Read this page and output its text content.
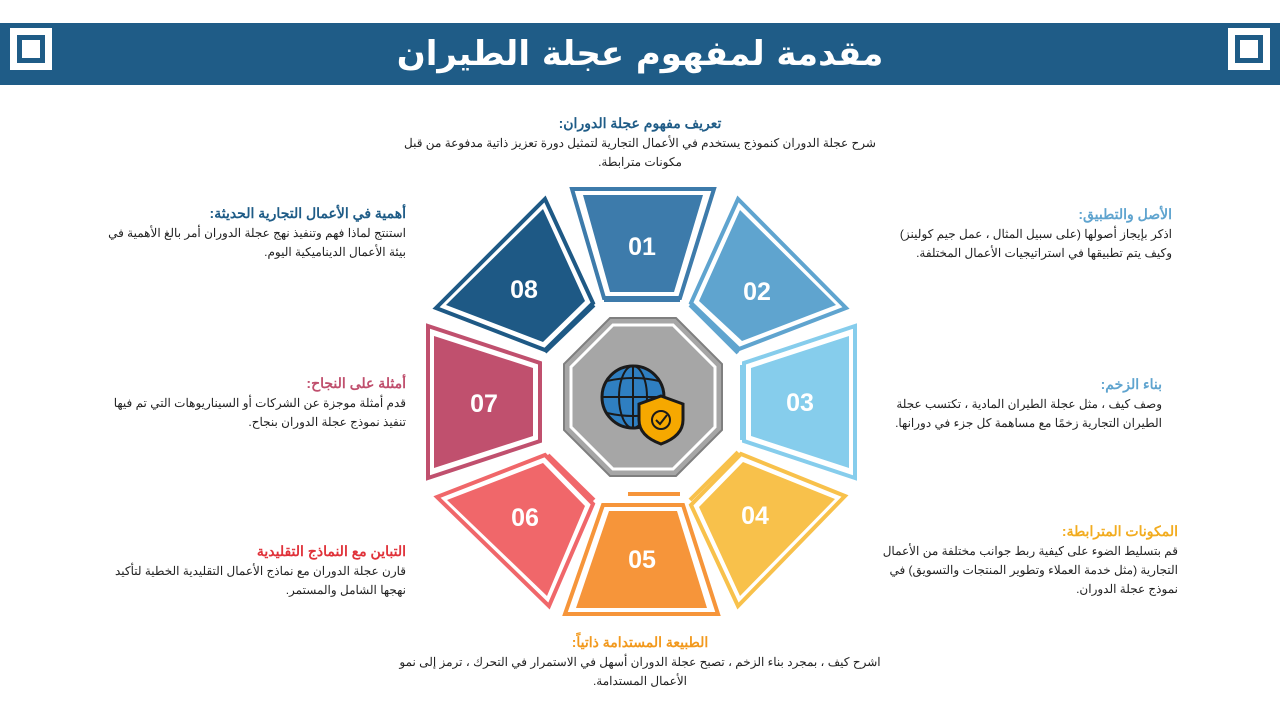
مقدمة لمفهوم عجلة الطيران
01
02
03
04
05
06
07
08

تعريف مفهوم عجلة الدوران:

شرح عجلة الدوران كنموذج يستخدم في الأعمال التجارية لتمثيل دورة تعزيز ذاتية مدفوعة من قبل مكونات مترابطة.

الأصل والتطبيق:

اذكر بإيجاز أصولها (على سبيل المثال ، عمل جيم كولينز) وكيف يتم تطبيقها في استراتيجيات الأعمال المختلفة.

بناء الزخم:

وصف كيف ، مثل عجلة الطيران المادية ، تكتسب عجلة الطيران التجارية زخمًا مع مساهمة كل جزء في دورانها.

المكونات المترابطة:

قم بتسليط الضوء على كيفية ربط جوانب مختلفة من الأعمال التجارية (مثل خدمة العملاء وتطوير المنتجات والتسويق) في نموذج عجلة الدوران.

الطبيعة المستدامة ذاتياً:

اشرح كيف ، بمجرد بناء الزخم ، تصبح عجلة الدوران أسهل في الاستمرار في التحرك ، ترمز إلى نمو الأعمال المستدامة.

التباين مع النماذج التقليدية

قارن عجلة الدوران مع نماذج الأعمال التقليدية الخطية لتأكيد نهجها الشامل والمستمر.

أمثلة على النجاح:

قدم أمثلة موجزة عن الشركات أو السيناريوهات التي تم فيها تنفيذ نموذج عجلة الدوران بنجاح.

أهمية في الأعمال التجارية الحديثة:

استنتج لماذا فهم وتنفيذ نهج عجلة الدوران أمر بالغ الأهمية في بيئة الأعمال الديناميكية اليوم.
